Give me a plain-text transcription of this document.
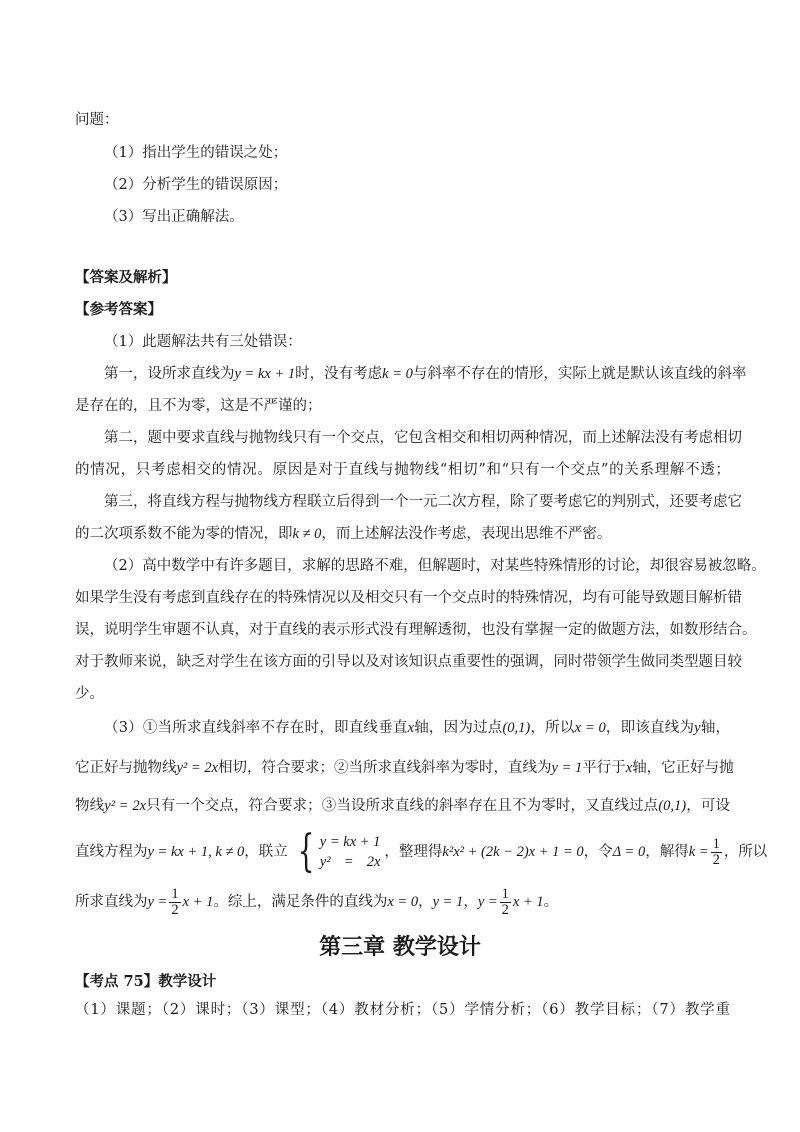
问题：
（1）指出学生的错误之处；
（2）分析学生的错误原因；
（3）写出正确解法。
【答案及解析】
【参考答案】
（1）此题解法共有三处错误：
第一，设所求直线为y = kx + 1时，没有考虑k = 0与斜率不存在的情形，实际上就是默认该直线的斜率
是存在的，且不为零，这是不严谨的；
第二，题中要求直线与抛物线只有一个交点，它包含相交和相切两种情况，而上述解法没有考虑相切
的情况，只考虑相交的情况。原因是对于直线与抛物线“相切”和“只有一个交点”的关系理解不透；
第三，将直线方程与抛物线方程联立后得到一个一元二次方程，除了要考虑它的判别式，还要考虑它
的二次项系数不能为零的情况，即k ≠ 0，而上述解法没作考虑，表现出思维不严密。
（2）高中数学中有许多题目，求解的思路不难，但解题时，对某些特殊情形的讨论，却很容易被忽略。
如果学生没有考虑到直线存在的特殊情况以及相交只有一个交点时的特殊情况，均有可能导致题目解析错
误，说明学生审题不认真，对于直线的表示形式没有理解透彻，也没有掌握一定的做题方法，如数形结合。
对于教师来说，缺乏对学生在该方面的引导以及对该知识点重要性的强调，同时带领学生做同类型题目较
少。
（3）①当所求直线斜率不存在时，即直线垂直x轴，因为过点(0,1)，所以x = 0，即该直线为y轴，
它正好与抛物线y² = 2x相切，符合要求；②当所求直线斜率为零时，直线为y = 1平行于x轴，它正好与抛
物线y² = 2x只有一个交点，符合要求；③当设所求直线的斜率存在且不为零时，又直线过点(0,1)，可设
直线方程为y = kx + 1, k ≠ 0，联立 { y = kx + 1
y² = 2x
，整理得k²x² + (2k − 2)x + 1 = 0，令Δ = 0，解得$k = \frac{1}{2}$ ，所以
所求直线为$y = \frac{1}{2}$ x + 1。综上，满足条件的直线为x = 0，y = 1，$y = \frac{1}{2}$ x + 1。
第三章 教学设计
【考点 75】教学设计
（1）课题；（2）课时；（3）课型；（4）教材分析；（5）学情分析；（6）教学目标；（7）教学重
